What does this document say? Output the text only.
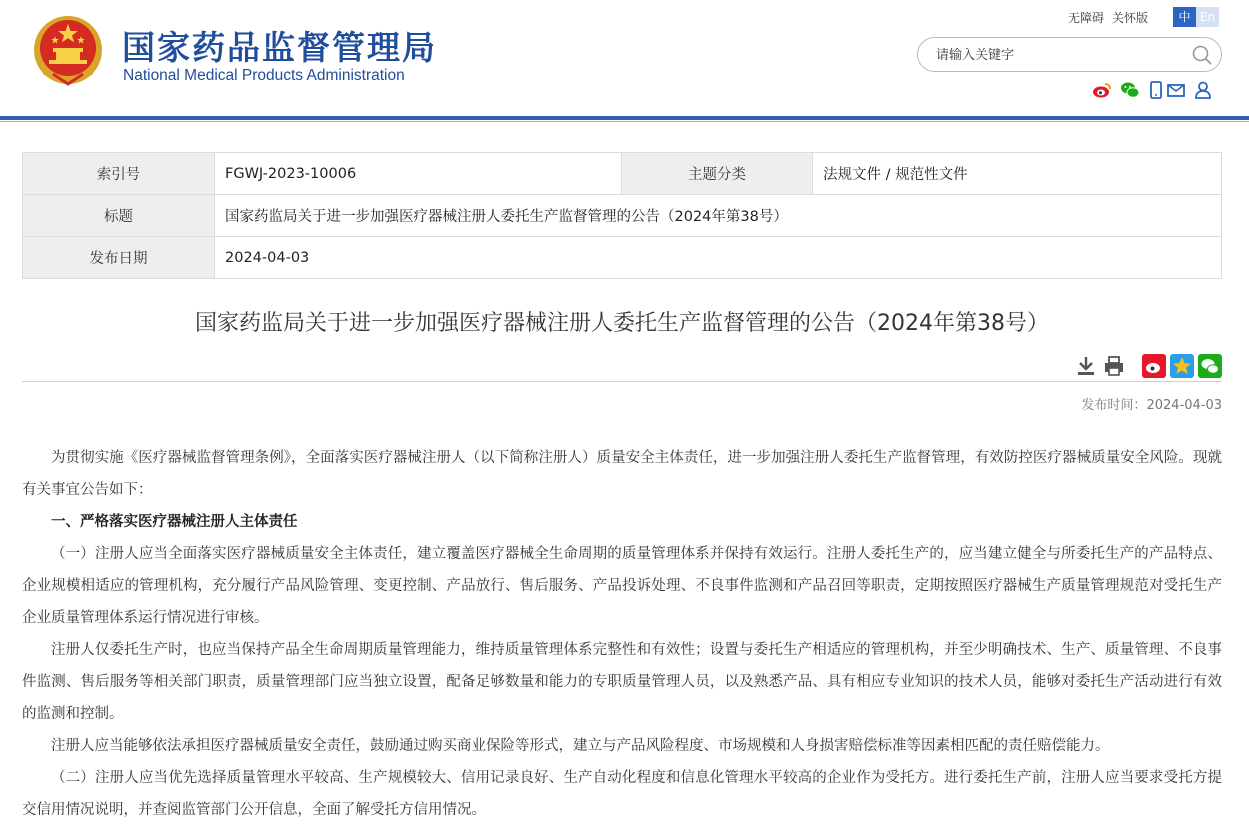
国家药品监督管理局
National Medical Products Administration
无障碍 关怀版	中 En
请输入关键字
索引号	FGWJ-2023-10006	主题分类	法规文件 / 规范性文件
标题	国家药监局关于进一步加强医疗器械注册人委托生产监督管理的公告（2024年第38号）		
发布日期	2024-04-03		
国家药监局关于进一步加强医疗器械注册人委托生产监督管理的公告（2024年第38号）
发布时间：2024-04-03

为贯彻实施《医疗器械监督管理条例》，全面落实医疗器械注册人（以下简称注册人）质量安全主体责任，进一步加强注册人委托生产监督管理，有效防控医疗器械质量安全风险。现就有关事宜公告如下：

一、严格落实医疗器械注册人主体责任

（一）注册人应当全面落实医疗器械质量安全主体责任，建立覆盖医疗器械全生命周期的质量管理体系并保持有效运行。注册人委托生产的，应当建立健全与所委托生产的产品特点、企业规模相适应的管理机构，充分履行产品风险管理、变更控制、产品放行、售后服务、产品投诉处理、不良事件监测和产品召回等职责，定期按照医疗器械生产质量管理规范对受托生产企业质量管理体系运行情况进行审核。

注册人仅委托生产时，也应当保持产品全生命周期质量管理能力，维持质量管理体系完整性和有效性；设置与委托生产相适应的管理机构，并至少明确技术、生产、质量管理、不良事件监测、售后服务等相关部门职责，质量管理部门应当独立设置，配备足够数量和能力的专职质量管理人员，以及熟悉产品、具有相应专业知识的技术人员，能够对委托生产活动进行有效的监测和控制。

注册人应当能够依法承担医疗器械质量安全责任，鼓励通过购买商业保险等形式，建立与产品风险程度、市场规模和人身损害赔偿标准等因素相匹配的责任赔偿能力。

（二）注册人应当优先选择质量管理水平较高、生产规模较大、信用记录良好、生产自动化程度和信息化管理水平较高的企业作为受托方。进行委托生产前，注册人应当要求受托方提交信用情况说明，并查阅监管部门公开信息，全面了解受托方信用情况。
